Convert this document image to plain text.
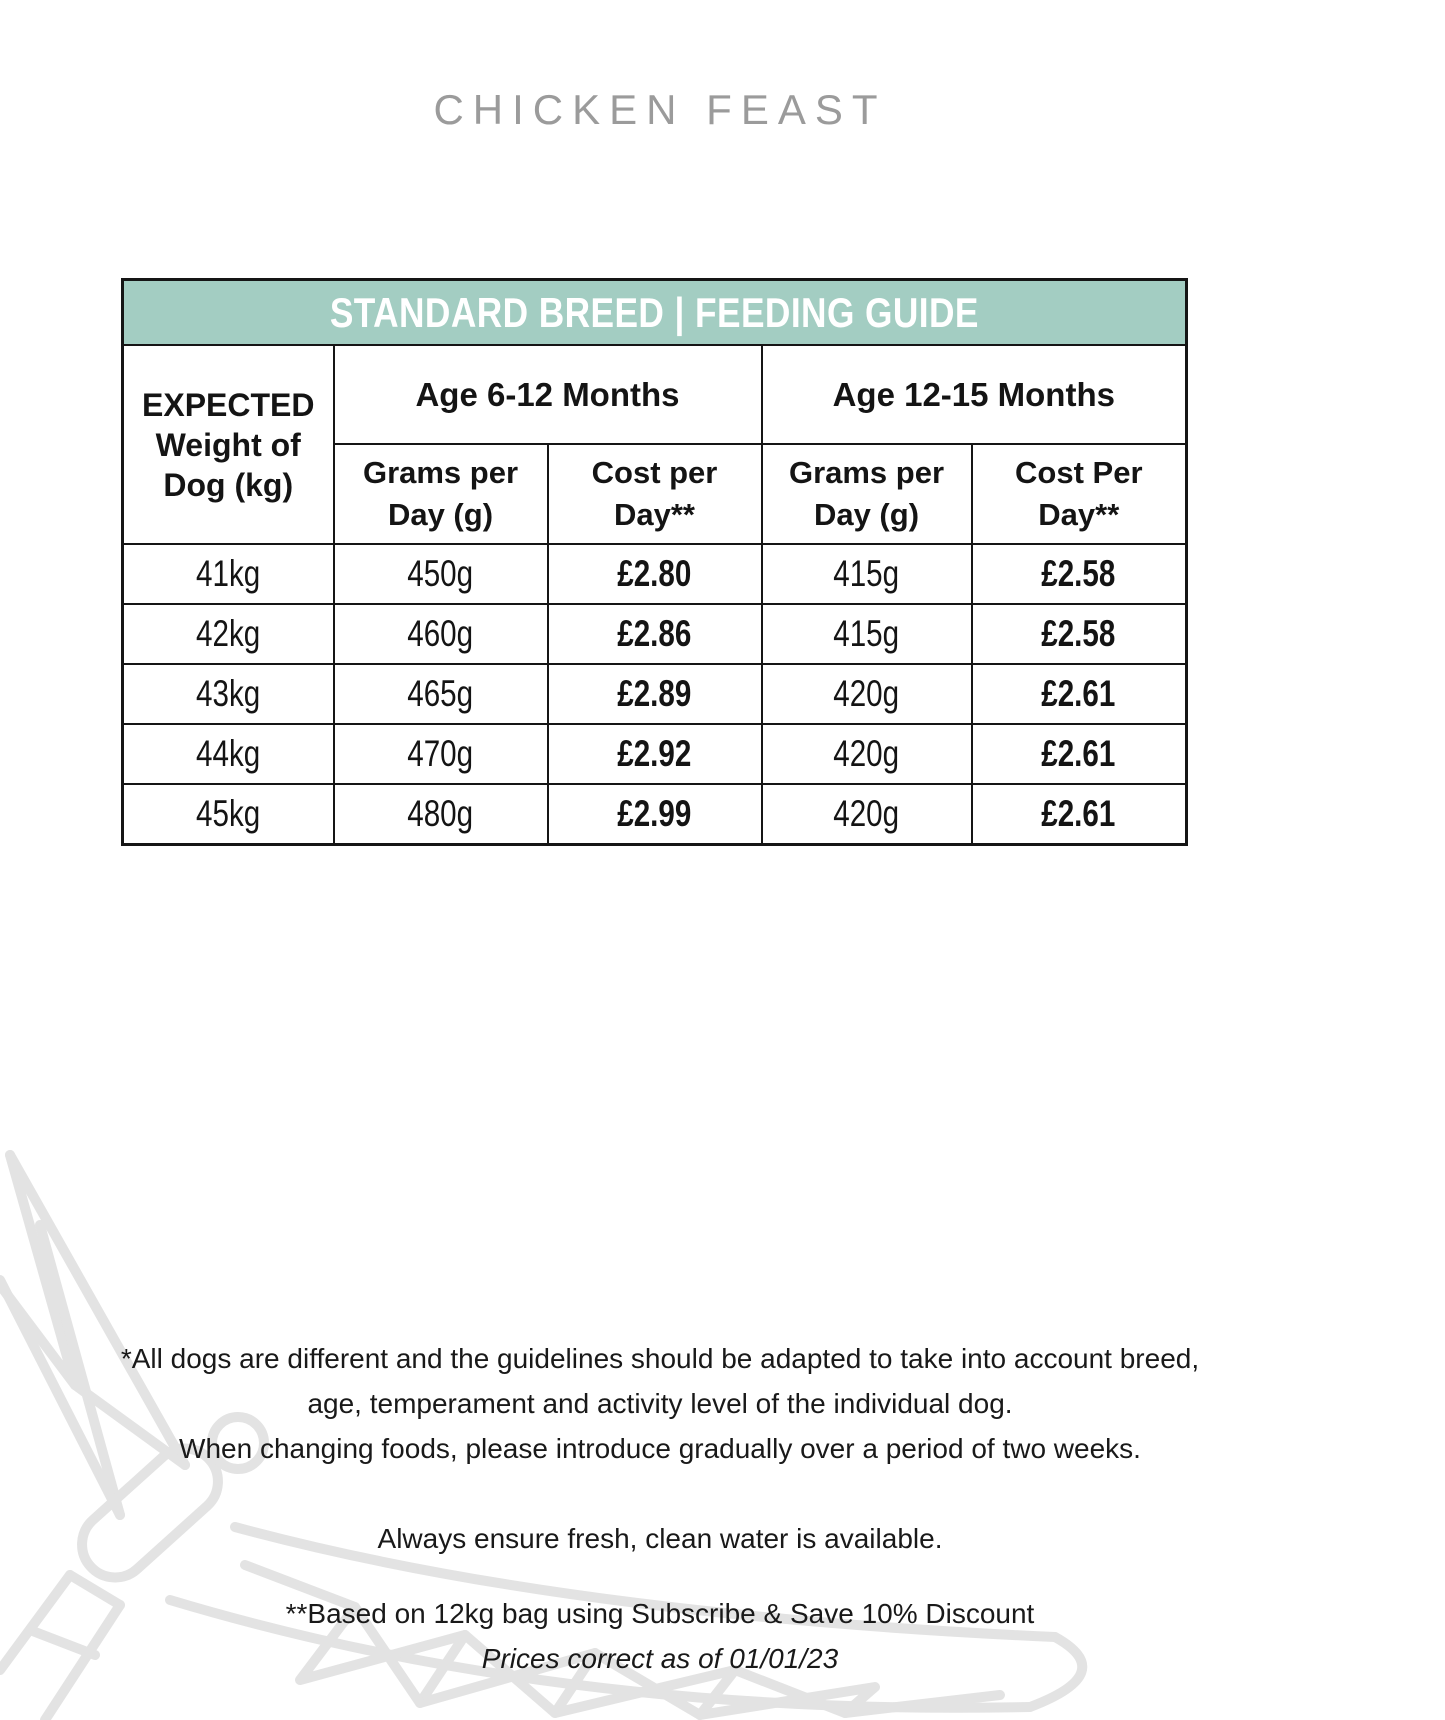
CHICKEN FEAST
STANDARD BREED | FEEDING GUIDE				
EXPECTED Weight of Dog (kg)	Age 6-12 Months		Age 12-15 Months	
	Grams per Day (g)	Cost per Day**	Grams per Day (g)	Cost Per Day**
41kg	450g	£2.80	415g	£2.58
42kg	460g	£2.86	415g	£2.58
43kg	465g	£2.89	420g	£2.61
44kg	470g	£2.92	420g	£2.61
45kg	480g	£2.99	420g	£2.61
*All dogs are different and the guidelines should be adapted to take into account breed,
age, temperament and activity level of the individual dog.
When changing foods, please introduce gradually over a period of two weeks.
Always ensure fresh, clean water is available.
**Based on 12kg bag using Subscribe & Save 10% Discount
Prices correct as of 01/01/23
